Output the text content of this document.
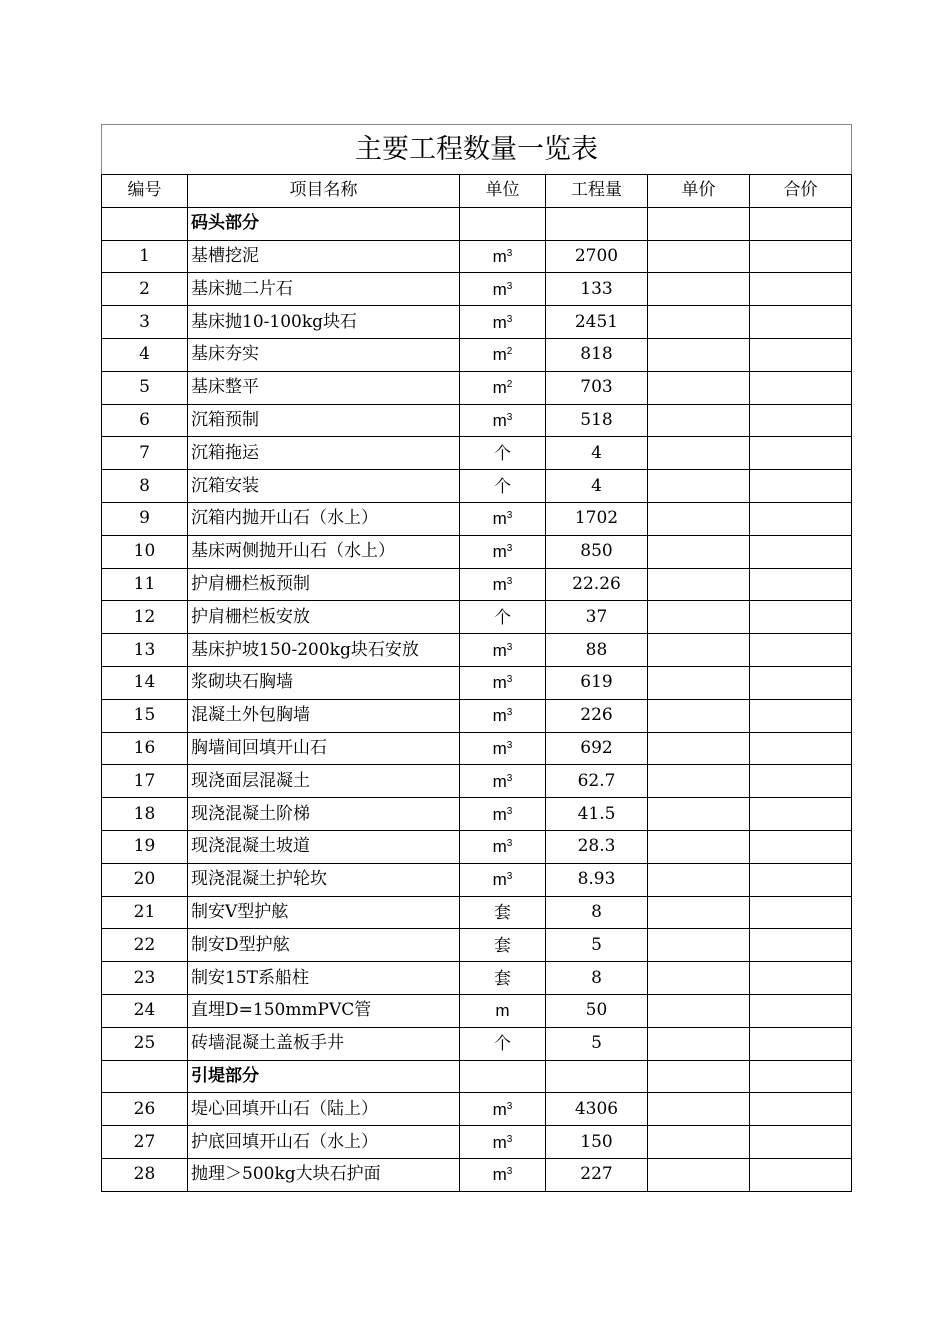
主要工程数量一览表					
编号	项目名称	单位	工程量	单价	合价
	码头部分				
1	基槽挖泥	$m^3$	2700		
2	基床抛二片石	$m^3$	133		
3	基床抛10-100kg块石	$m^3$	2451		
4	基床夯实	$m^2$	818		
5	基床整平	$m^2$	703		
6	沉箱预制	$m^3$	518		
7	沉箱拖运	个	4		
8	沉箱安装	个	4		
9	沉箱内抛开山石（水上）	$m^3$	1702		
10	基床两侧抛开山石（水上）	$m^3$	850		
11	护肩栅栏板预制	$m^3$	22.26		
12	护肩栅栏板安放	个	37		
13	基床护坡150-200kg块石安放	$m^3$	88		
14	浆砌块石胸墙	$m^3$	619		
15	混凝土外包胸墙	$m^3$	226		
16	胸墙间回填开山石	$m^3$	692		
17	现浇面层混凝土	$m^3$	62.7		
18	现浇混凝土阶梯	$m^3$	41.5		
19	现浇混凝土坡道	$m^3$	28.3		
20	现浇混凝土护轮坎	$m^3$	8.93		
21	制安V型护舷	套	8		
22	制安D型护舷	套	5		
23	制安15T系船柱	套	8		
24	直埋D=150mmPVC管	m	50		
25	砖墙混凝土盖板手井	个	5		
	引堤部分				
26	堤心回填开山石（陆上）	$m^3$	4306		
27	护底回填开山石（水上）	$m^3$	150		
28	抛理＞500kg大块石护面	$m^3$	227		
